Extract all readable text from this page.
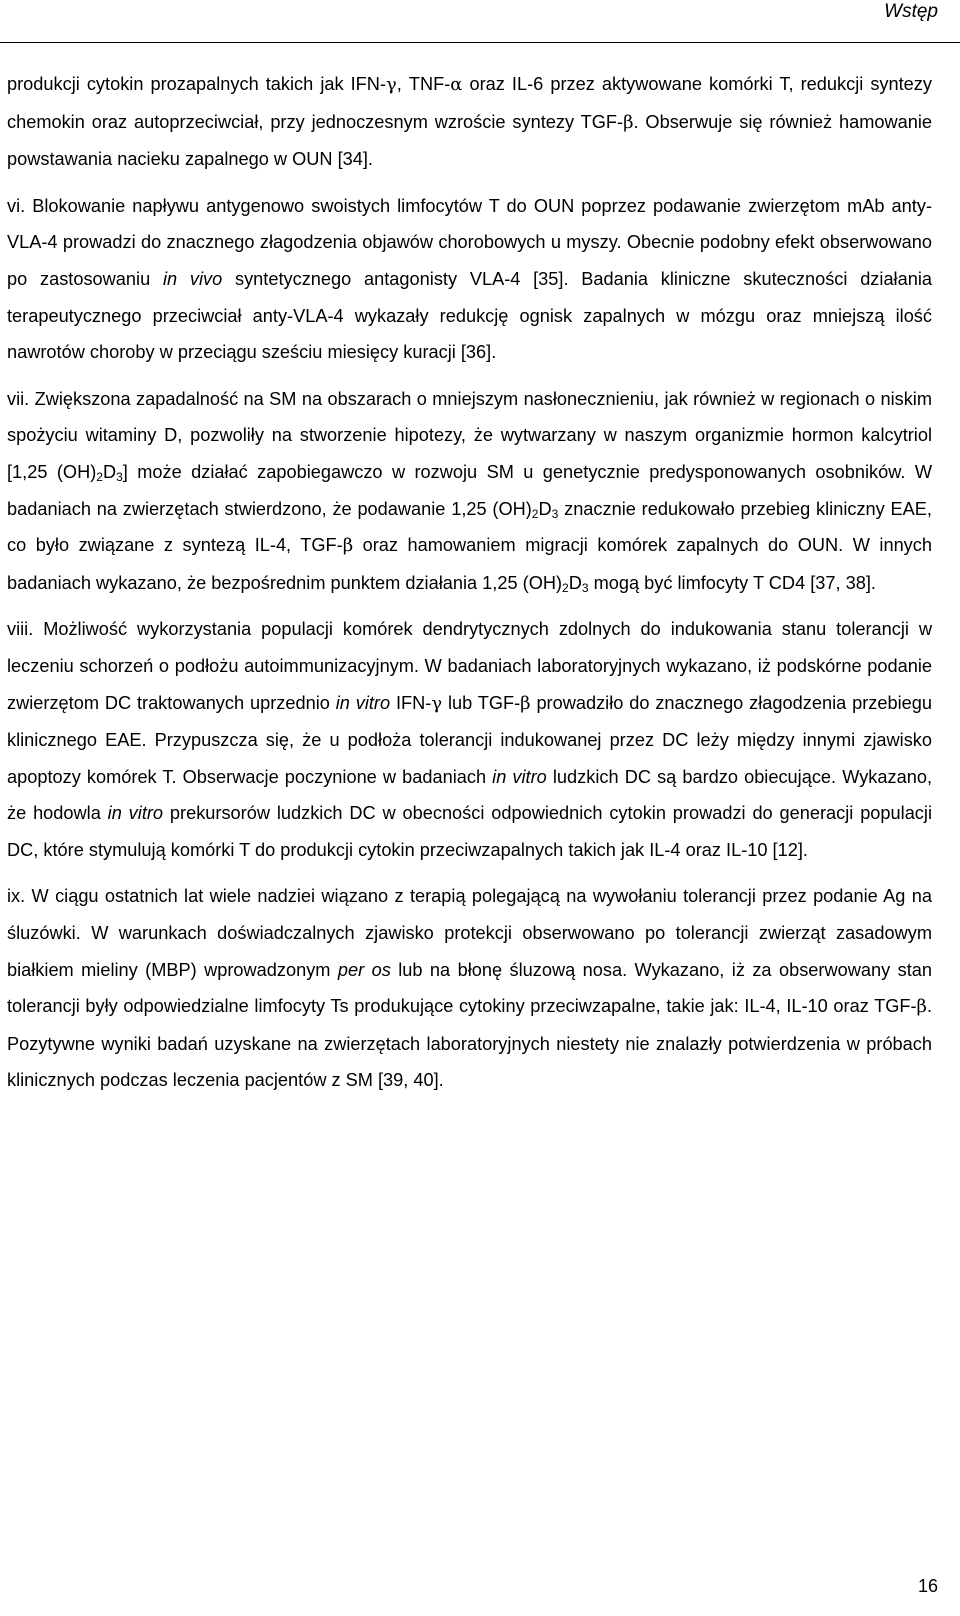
Wstęp

produkcji cytokin prozapalnych takich jak IFN-γ, TNF-α oraz IL-6 przez aktywowane komórki T, redukcji syntezy chemokin oraz autoprzeciwciał, przy jednoczesnym wzroście syntezy TGF-β. Obserwuje się również hamowanie powstawania nacieku zapalnego w OUN [34].

vi. Blokowanie napływu antygenowo swoistych limfocytów T do OUN poprzez podawanie zwierzętom mAb anty-VLA-4 prowadzi do znacznego złagodzenia objawów chorobowych u myszy. Obecnie podobny efekt obserwowano po zastosowaniu in vivo syntetycznego antagonisty VLA-4 [35]. Badania kliniczne skuteczności działania terapeutycznego przeciwciał anty-VLA-4 wykazały redukcję ognisk zapalnych w mózgu oraz mniejszą ilość nawrotów choroby w przeciągu sześciu miesięcy kuracji [36].

vii. Zwiększona zapadalność na SM na obszarach o mniejszym nasłonecznieniu, jak również w regionach o niskim spożyciu witaminy D, pozwoliły na stworzenie hipotezy, że wytwarzany w naszym organizmie hormon kalcytriol [1,25 $(OH)_2D_3$] może działać zapobiegawczo w rozwoju SM u genetycznie predysponowanych osobników. W badaniach na zwierzętach stwierdzono, że podawanie 1,25 $(OH)_2D_3$ znacznie redukowało przebieg kliniczny EAE, co było związane z syntezą IL-4, TGF-β oraz hamowaniem migracji komórek zapalnych do OUN. W innych badaniach wykazano, że bezpośrednim punktem działania 1,25 $(OH)_2D_3$ mogą być limfocyty T CD4 [37, 38].

viii. Możliwość wykorzystania populacji komórek dendrytycznych zdolnych do indukowania stanu tolerancji w leczeniu schorzeń o podłożu autoimmunizacyjnym. W badaniach laboratoryjnych wykazano, iż podskórne podanie zwierzętom DC traktowanych uprzednio in vitro IFN-γ lub TGF-β prowadziło do znacznego złagodzenia przebiegu klinicznego EAE. Przypuszcza się, że u podłoża tolerancji indukowanej przez DC leży między innymi zjawisko apoptozy komórek T. Obserwacje poczynione w badaniach in vitro ludzkich DC są bardzo obiecujące. Wykazano, że hodowla in vitro prekursorów ludzkich DC w obecności odpowiednich cytokin prowadzi do generacji populacji DC, które stymulują komórki T do produkcji cytokin przeciwzapalnych takich jak IL-4 oraz IL-10 [12].

ix. W ciągu ostatnich lat wiele nadziei wiązano z terapią polegającą na wywołaniu tolerancji przez podanie Ag na śluzówki. W warunkach doświadczalnych zjawisko protekcji obserwowano po tolerancji zwierząt zasadowym białkiem mieliny (MBP) wprowadzonym per os lub na błonę śluzową nosa. Wykazano, iż za obserwowany stan tolerancji były odpowiedzialne limfocyty Ts produkujące cytokiny przeciwzapalne, takie jak: IL-4, IL-10 oraz TGF-β. Pozytywne wyniki badań uzyskane na zwierzętach laboratoryjnych niestety nie znalazły potwierdzenia w próbach klinicznych podczas leczenia pacjentów z SM [39, 40].

16
